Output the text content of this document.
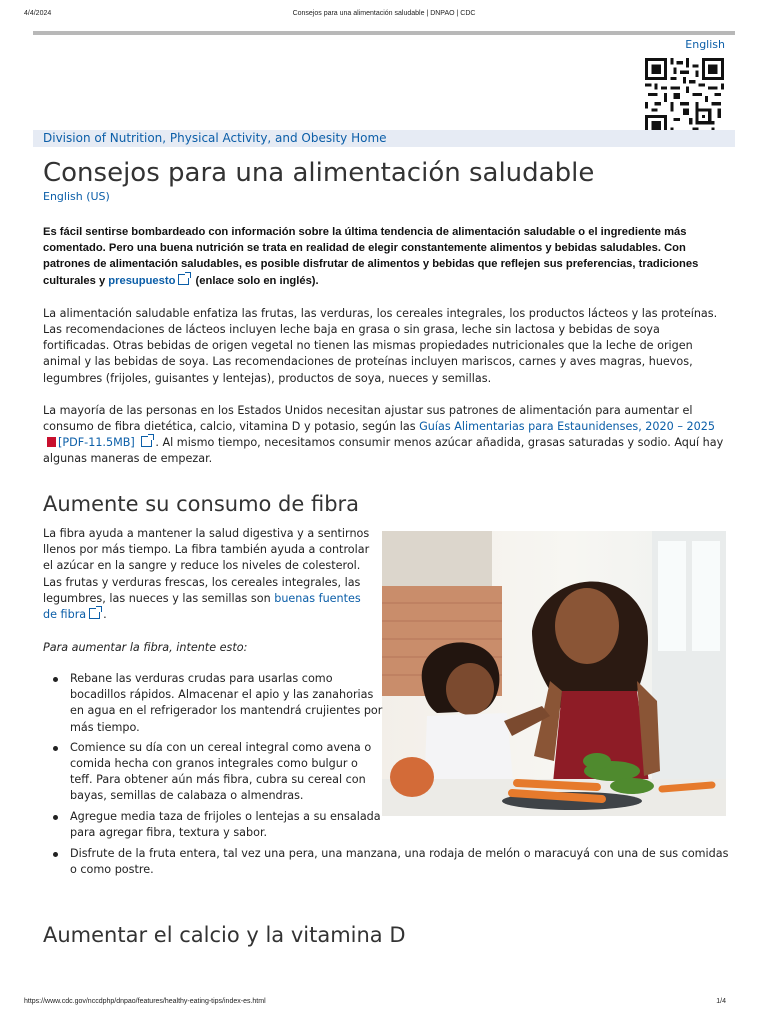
4/4/2024	Consejos para una alimentación saludable | DNPAO | CDC
English
Division of Nutrition, Physical Activity, and Obesity Home
Consejos para una alimentación saludable
English (US)

Es fácil sentirse bombardeado con información sobre la última tendencia de alimentación saludable o el ingrediente más comentado. Pero una buena nutrición se trata en realidad de elegir constantemente alimentos y bebidas saludables. Con patrones de alimentación saludables, es posible disfrutar de alimentos y bebidas que reflejen sus preferencias, tradiciones culturales y presupuesto (enlace solo en inglés).

La alimentación saludable enfatiza las frutas, las verduras, los cereales integrales, los productos lácteos y las proteínas. Las recomendaciones de lácteos incluyen leche baja en grasa o sin grasa, leche sin lactosa y bebidas de soya fortificadas. Otras bebidas de origen vegetal no tienen las mismas propiedades nutricionales que la leche de origen animal y las bebidas de soya. Las recomendaciones de proteínas incluyen mariscos, carnes y aves magras, huevos, legumbres (frijoles, guisantes y lentejas), productos de soya, nueces y semillas.

La mayoría de las personas en los Estados Unidos necesitan ajustar sus patrones de alimentación para aumentar el consumo de fibra dietética, calcio, vitamina D y potasio, según las Guías Alimentarias para Estaunidenses, 2020 – 2025[PDF-11.5MB] . Al mismo tiempo, necesitamos consumir menos azúcar añadida, grasas saturadas y sodio. Aquí hay algunas maneras de empezar.

Aumente su consumo de fibra

La fibra ayuda a mantener la salud digestiva y a sentirnos llenos por más tiempo. La fibra también ayuda a controlar el azúcar en la sangre y reduce los niveles de colesterol. Las frutas y verduras frescas, los cereales integrales, las legumbres, las nueces y las semillas son buenas fuentes de fibra .

Para aumentar la fibra, intente esto:

Rebane las verduras crudas para usarlas como bocadillos rápidos. Almacenar el apio y las zanahorias en agua en el refrigerador los mantendrá crujientes por más tiempo.
Comience su día con un cereal integral como avena o comida hecha con granos integrales como bulgur o teff. Para obtener aún más fibra, cubra su cereal con bayas, semillas de calabaza o almendras.
Agregue media taza de frijoles o lentejas a su ensalada para agregar fibra, textura y sabor.
Disfrute de la fruta entera, tal vez una pera, una manzana, una rodaja de melón o maracuyá con una de sus comidas o como postre.
Aumentar el calcio y la vitamina D
https://www.cdc.gov/nccdphp/dnpao/features/healthy-eating-tips/index-es.html	1/4
